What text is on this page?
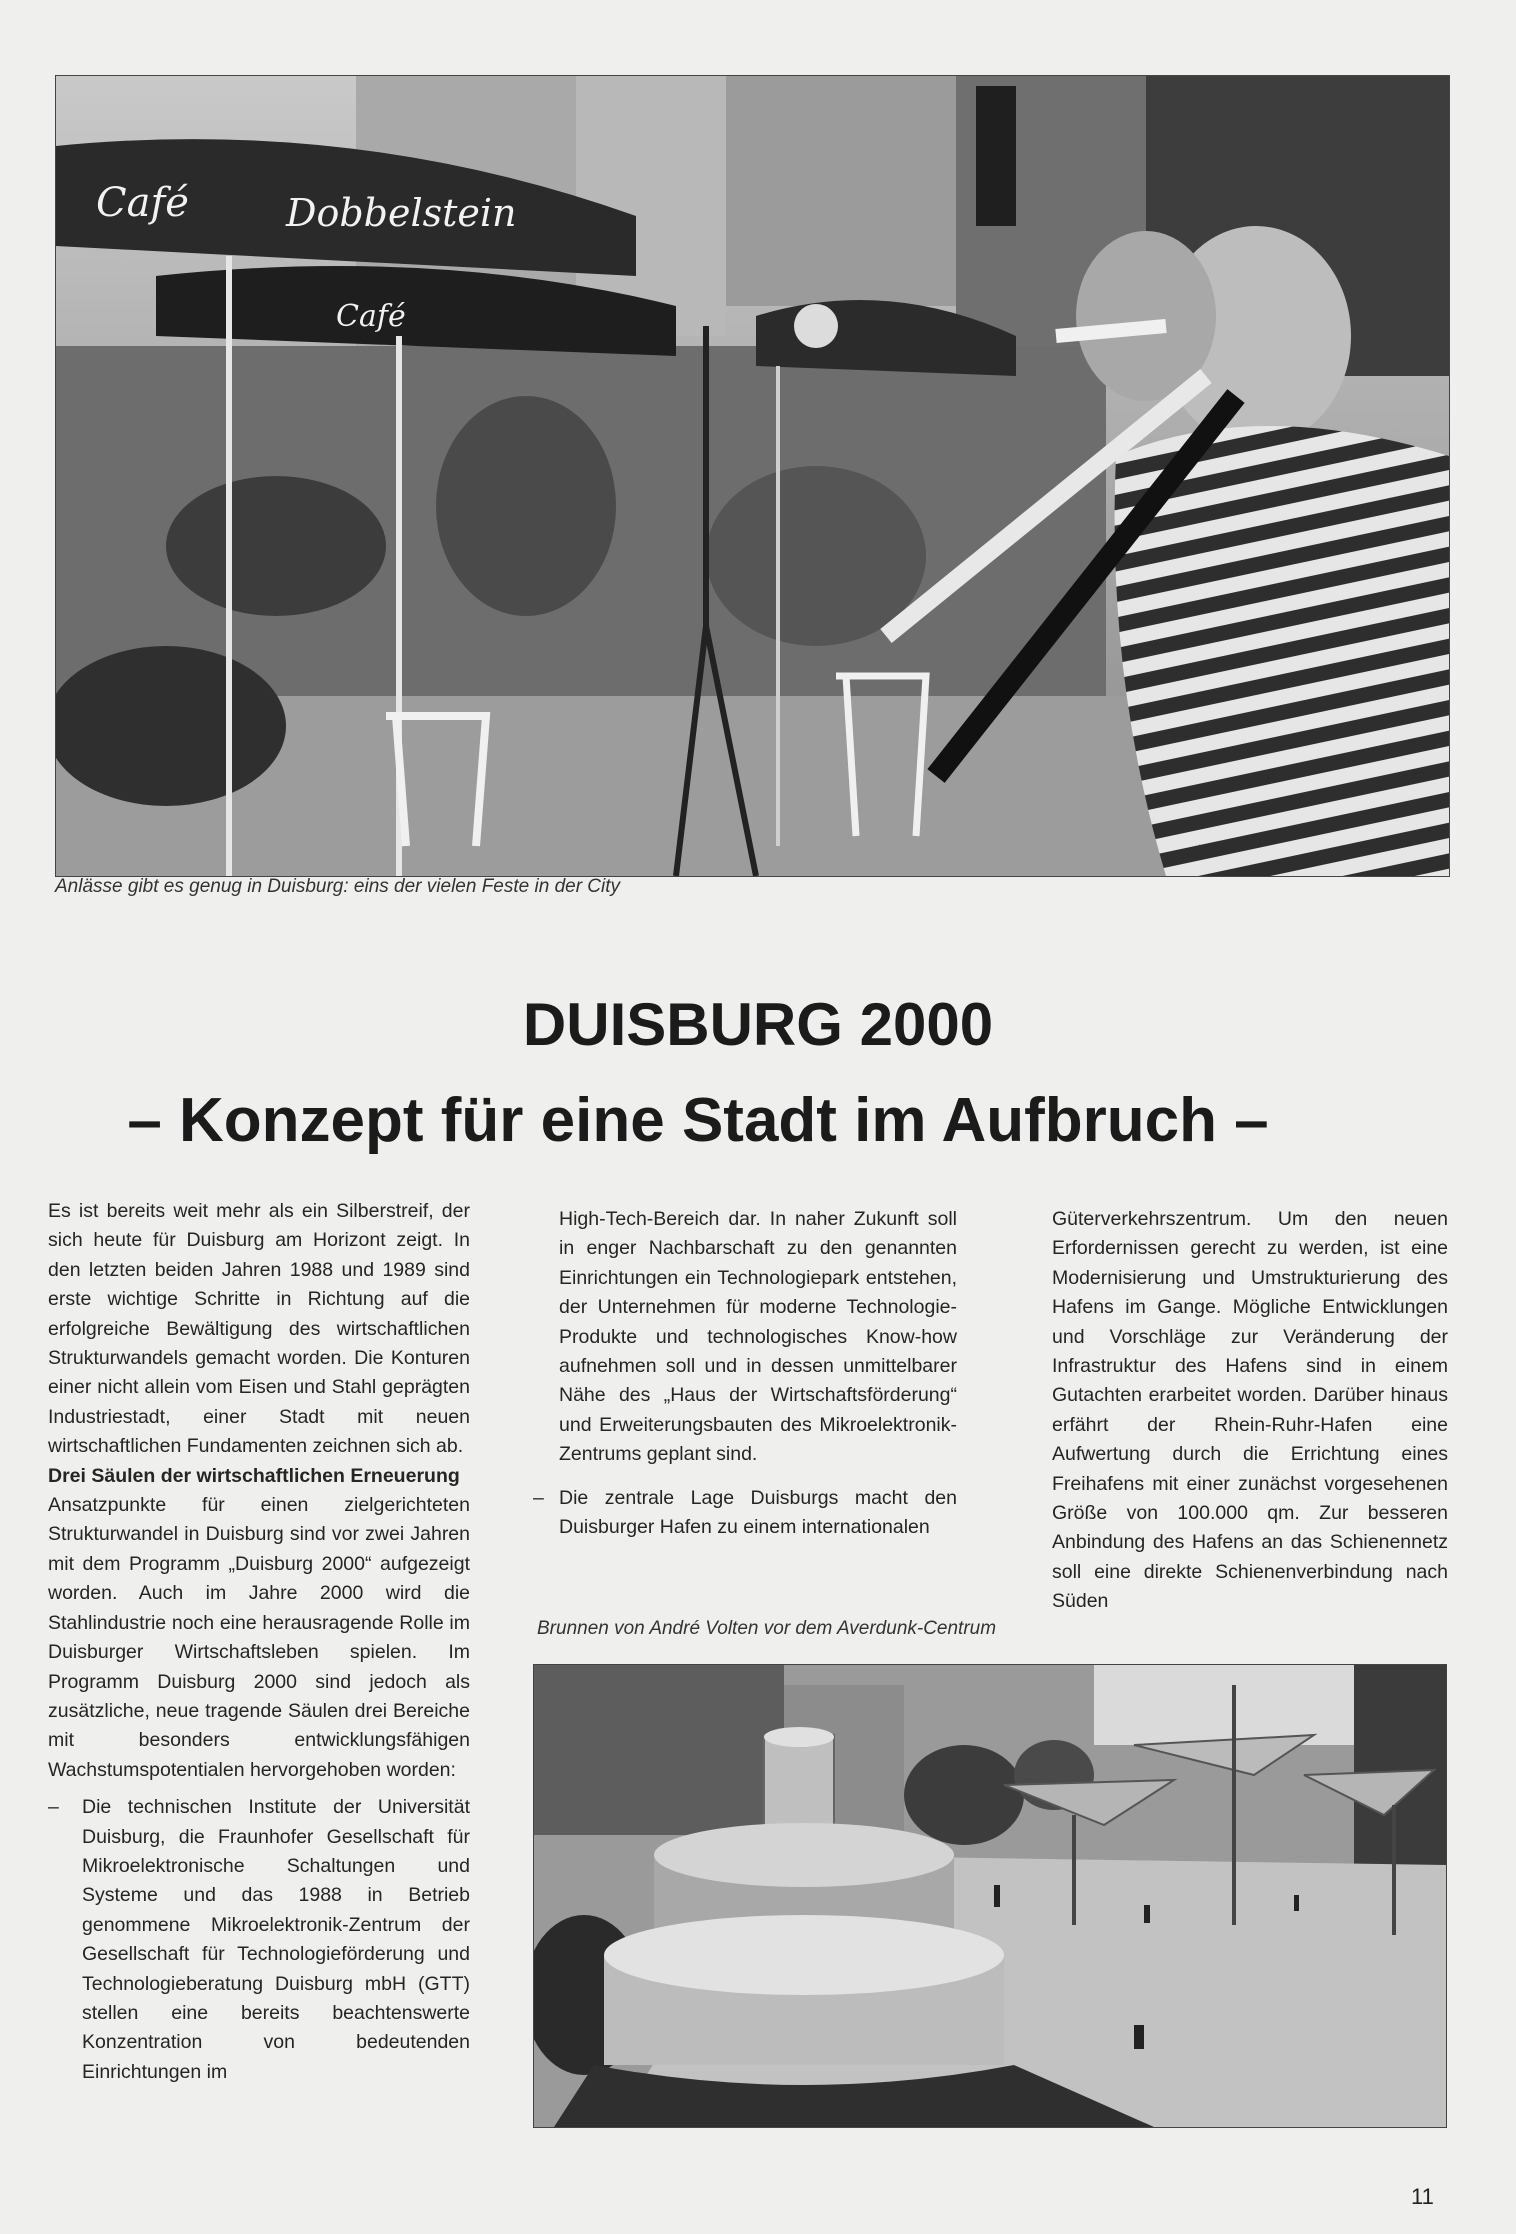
Café	Dobbelstein
Café
Anlässe gibt es genug in Duisburg: eins der vielen Feste in der City
DUISBURG 2000
– Konzept für eine Stadt im Aufbruch –

Es ist bereits weit mehr als ein Silberstreif, der sich heute für Duisburg am Horizont zeigt. In den letzten beiden Jahren 1988 und 1989 sind erste wichtige Schritte in Richtung auf die erfolgreiche Bewältigung des wirtschaftlichen Strukturwandels gemacht worden. Die Konturen einer nicht allein vom Eisen und Stahl geprägten Industriestadt, einer Stadt mit neuen wirtschaftlichen Fundamenten zeichnen sich ab.

Drei Säulen der wirtschaftlichen Erneuerung

Ansatzpunkte für einen zielgerichteten Strukturwandel in Duisburg sind vor zwei Jahren mit dem Programm „Duisburg 2000“ aufgezeigt worden. Auch im Jahre 2000 wird die Stahlindustrie noch eine herausragende Rolle im Duisburger Wirtschaftsleben spielen. Im Programm Duisburg 2000 sind jedoch als zusätzliche, neue tragende Säulen drei Bereiche mit besonders entwicklungsfähigen Wachstumspotentialen hervorgehoben worden:

– Die technischen Institute der Universität Duisburg, die Fraunhofer Gesellschaft für Mikroelektronische Schaltungen und Systeme und das 1988 in Betrieb genommene Mikroelektronik-Zentrum der Gesellschaft für Technologieförderung und Technologieberatung Duisburg mbH (GTT) stellen eine bereits beachtenswerte Konzentration von bedeutenden Einrichtungen im

High-Tech-Bereich dar. In naher Zukunft soll in enger Nachbarschaft zu den genannten Einrichtungen ein Technologiepark entstehen, der Unternehmen für moderne Technologie-Produkte und technologisches Know-how aufnehmen soll und in dessen unmittelbarer Nähe des „Haus der Wirtschaftsförderung“ und Erweiterungsbauten des Mikroelektronik-Zentrums geplant sind.

– Die zentrale Lage Duisburgs macht den Duisburger Hafen zu einem internationalen

Güterverkehrszentrum. Um den neuen Erfordernissen gerecht zu werden, ist eine Modernisierung und Umstrukturierung des Hafens im Gange. Mögliche Entwicklungen und Vorschläge zur Veränderung der Infrastruktur des Hafens sind in einem Gutachten erarbeitet worden. Darüber hinaus erfährt der Rhein-Ruhr-Hafen eine Aufwertung durch die Errichtung eines Freihafens mit einer zunächst vorgesehenen Größe von 100.000 qm. Zur besseren Anbindung des Hafens an das Schienennetz soll eine direkte Schienenverbindung nach Süden

Brunnen von André Volten vor dem Averdunk-Centrum
11
